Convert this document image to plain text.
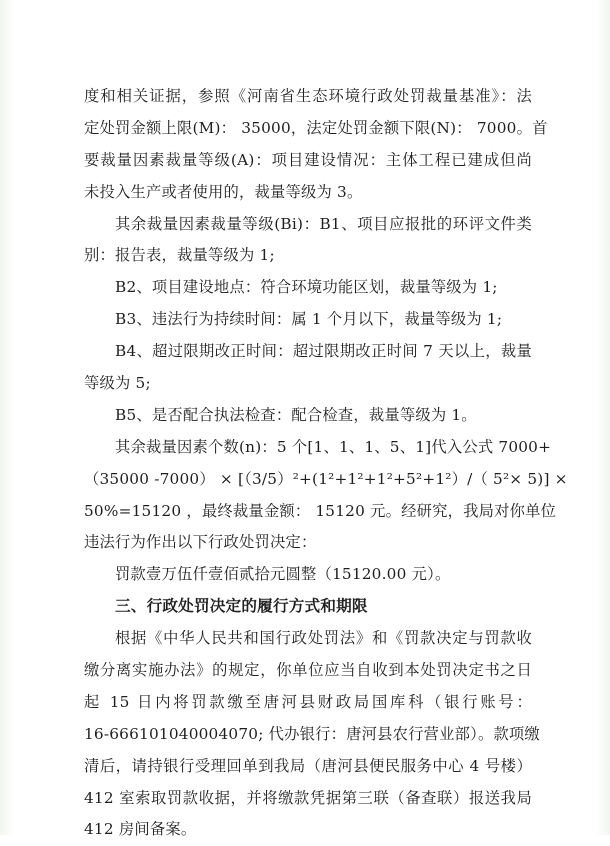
度和相关证据，参照《河南省生态环境行政处罚裁量基准》：法
定处罚金额上限(M)： 35000，法定处罚金额下限(N)： 7000。首
要裁量因素裁量等级(A)：项目建设情况：主体工程已建成但尚
未投入生产或者使用的，裁量等级为 3。
其余裁量因素裁量等级(Bi)：B1、项目应报批的环评文件类
别：报告表，裁量等级为 1;
B2、项目建设地点：符合环境功能区划，裁量等级为 1;
B3、违法行为持续时间：属 1 个月以下，裁量等级为 1;
B4、超过限期改正时间：超过限期改正时间 7 天以上，裁量
等级为 5;
B5、是否配合执法检查：配合检查，裁量等级为 1。
其余裁量因素个数(n)：5 个[1、1、1、5、1]代入公式 7000+
（35000 -7000） × [（3/5）²+(1²+1²+1²+5²+1²）/（ 5²× 5)] ×
50%=15120 ，最终裁量金额： 15120 元。经研究，我局对你单位
违法行为作出以下行政处罚决定：
罚款壹万伍仟壹佰贰拾元圆整（15120.00 元）。
三、行政处罚决定的履行方式和期限
根据《中华人民共和国行政处罚法》和《罚款决定与罚款收
缴分离实施办法》的规定，你单位应当自收到本处罚决定书之日
起 15 日内将罚款缴至唐河县财政局国库科（银行账号：
16-666101040004070; 代办银行：唐河县农行营业部）。款项缴
清后，请持银行受理回单到我局（唐河县便民服务中心 4 号楼）
412 室索取罚款收据，并将缴款凭据第三联（备查联）报送我局
412 房间备案。
